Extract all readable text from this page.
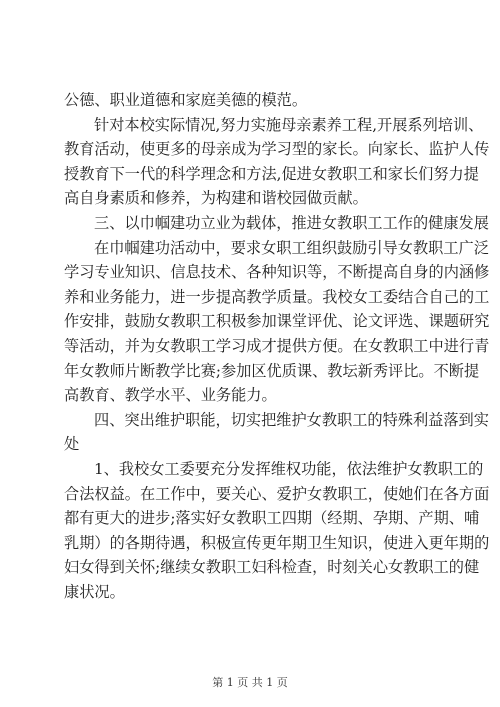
公德、职业道德和家庭美德的模范。
针对本校实际情况,努力实施母亲素养工程,开展系列培训、
教育活动，使更多的母亲成为学习型的家长。向家长、监护人传
授教育下一代的科学理念和方法,促进女教职工和家长们努力提
高自身素质和修养，为构建和谐校园做贡献。
三、以巾帼建功立业为载体，推进女教职工工作的健康发展
在巾帼建功活动中，要求女职工组织鼓励引导女教职工广泛
学习专业知识、信息技术、各种知识等，不断提高自身的内涵修
养和业务能力，进一步提高教学质量。我校女工委结合自己的工
作安排，鼓励女教职工积极参加课堂评优、论文评选、课题研究
等活动，并为女教职工学习成才提供方便。在女教职工中进行青
年女教师片断教学比赛;参加区优质课、教坛新秀评比。不断提
高教育、教学水平、业务能力。
四、突出维护职能，切实把维护女教职工的特殊利益落到实
处
1、我校女工委要充分发挥维权功能，依法维护女教职工的
合法权益。在工作中，要关心、爱护女教职工，使她们在各方面
都有更大的进步;落实好女教职工四期（经期、孕期、产期、哺
乳期）的各期待遇，积极宣传更年期卫生知识，使进入更年期的
妇女得到关怀;继续女教职工妇科检查，时刻关心女教职工的健
康状况。
第 1 页 共 1 页
